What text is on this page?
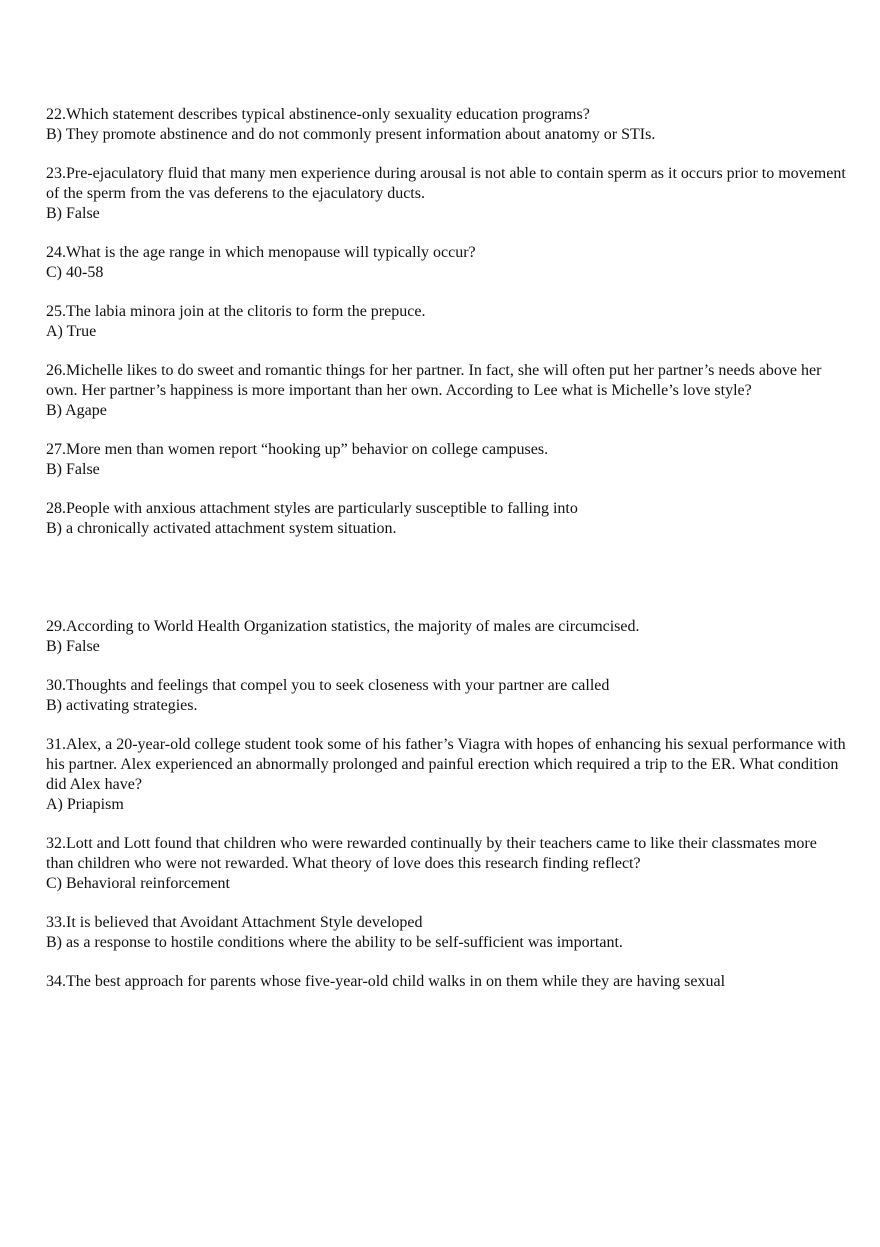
22.Which statement describes typical abstinence-only sexuality education programs?
B) They promote abstinence and do not commonly present information about anatomy or STIs.
23.Pre-ejaculatory fluid that many men experience during arousal is not able to contain sperm as it occurs prior to movement of the sperm from the vas deferens to the ejaculatory ducts.
B) False
24.What is the age range in which menopause will typically occur?
C) 40-58
25.The labia minora join at the clitoris to form the prepuce.
A) True
26.Michelle likes to do sweet and romantic things for her partner. In fact, she will often put her partner’s needs above her own. Her partner’s happiness is more important than her own. According to Lee what is Michelle’s love style?
B) Agape
27.More men than women report “hooking up” behavior on college campuses.
B) False
28.People with anxious attachment styles are particularly susceptible to falling into
B) a chronically activated attachment system situation.
29.According to World Health Organization statistics, the majority of males are circumcised.
B) False
30.Thoughts and feelings that compel you to seek closeness with your partner are called
B) activating strategies.
31.Alex, a 20-year-old college student took some of his father’s Viagra with hopes of enhancing his sexual performance with his partner. Alex experienced an abnormally prolonged and painful erection which required a trip to the ER. What condition did Alex have?
A) Priapism
32.Lott and Lott found that children who were rewarded continually by their teachers came to like their classmates more than children who were not rewarded. What theory of love does this research finding reflect?
C) Behavioral reinforcement
33.It is believed that Avoidant Attachment Style developed
B) as a response to hostile conditions where the ability to be self-sufficient was important.
34.The best approach for parents whose five-year-old child walks in on them while they are having sexual
